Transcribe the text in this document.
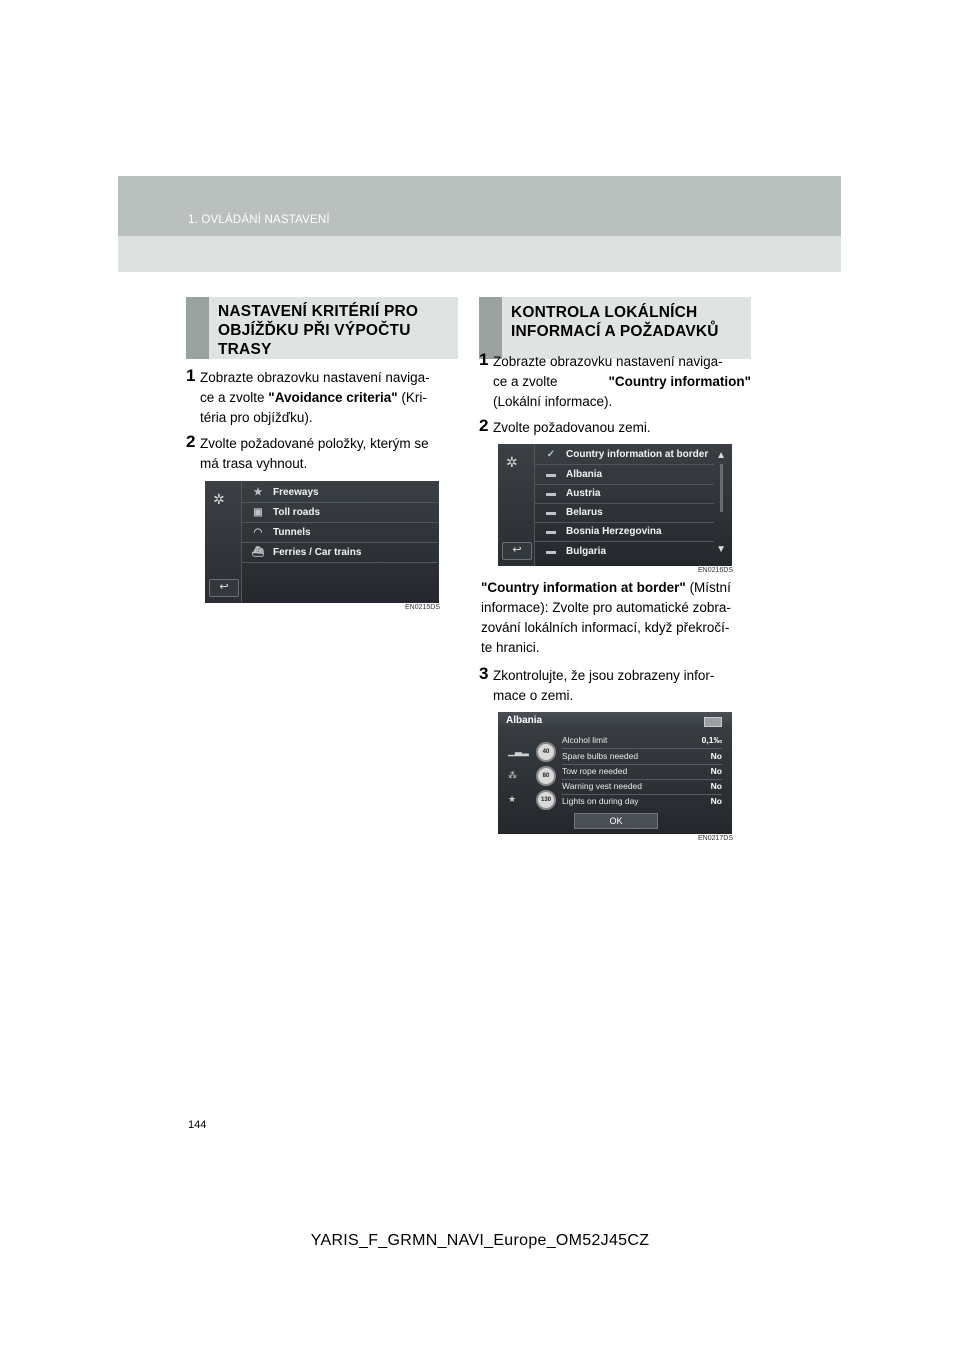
1. OVLÁDÁNÍ NASTAVENÍ
NASTAVENÍ KRITÉRIÍ PRO
OBJÍŽĎKU PŘI VÝPOČTU
TRASY
1 Zobrazte obrazovku nastavení naviga-
ce a zvolte "Avoidance criteria" (Kri-
téria pro objížďku).
2 Zvolte požadované položky, kterým se
má trasa vyhnout.
✲
↩
★ Freeways
▣ Toll roads
◠ Tunnels
⛴ Ferries / Car trains
EN0215DS
KONTROLA LOKÁLNÍCH
INFORMACÍ A POŽADAVKŮ
1 Zobrazte obrazovku nastavení naviga-
ce a zvolte	"Country information"
(Lokální informace).
2 Zvolte požadovanou zemi.
✲
↩
✓ Country information at border
▬ Albania
▬ Austria
▬ Belarus
▬ Bosnia Herzegovina
▬ Bulgaria
▲
▼
EN0216DS
"Country information at border" (Místní
informace): Zvolte pro automatické zobra-
zování lokálních informací, když překročí-
te hranici.
3 Zkontrolujte, že jsou zobrazeny infor-
mace o zemi.
Albania
▁▃▂
⁂
★
40
80
130
Alcohol limit	0,1‰
Spare bulbs needed	No
Tow rope needed	No
Warning vest needed	No
Lights on during day	No
OK
EN0217DS
144
YARIS_F_GRMN_NAVI_Europe_OM52J45CZ
